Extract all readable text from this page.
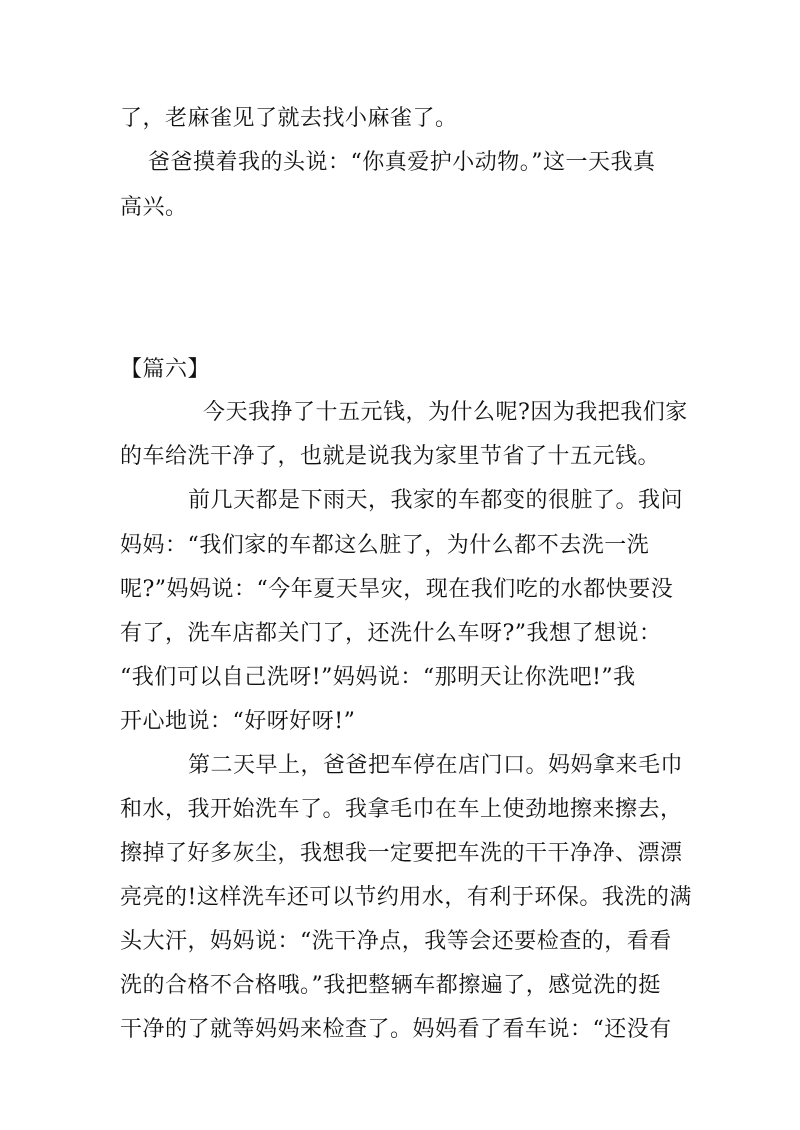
了，老麻雀见了就去找小麻雀了。
爸爸摸着我的头说：“你真爱护小动物。”这一天我真
高兴。
【篇六】
今天我挣了十五元钱，为什么呢?因为我把我们家
的车给洗干净了，也就是说我为家里节省了十五元钱。
前几天都是下雨天，我家的车都变的很脏了。我问
妈妈：“我们家的车都这么脏了，为什么都不去洗一洗
呢?”妈妈说：“今年夏天旱灾，现在我们吃的水都快要没
有了，洗车店都关门了，还洗什么车呀?”我想了想说：
“我们可以自己洗呀!”妈妈说：“那明天让你洗吧!”我
开心地说：“好呀好呀!”
第二天早上，爸爸把车停在店门口。妈妈拿来毛巾
和水，我开始洗车了。我拿毛巾在车上使劲地擦来擦去，
擦掉了好多灰尘，我想我一定要把车洗的干干净净、漂漂
亮亮的!这样洗车还可以节约用水，有利于环保。我洗的满
头大汗，妈妈说：“洗干净点，我等会还要检查的，看看
洗的合格不合格哦。”我把整辆车都擦遍了，感觉洗的挺
干净的了就等妈妈来检查了。妈妈看了看车说：“还没有
